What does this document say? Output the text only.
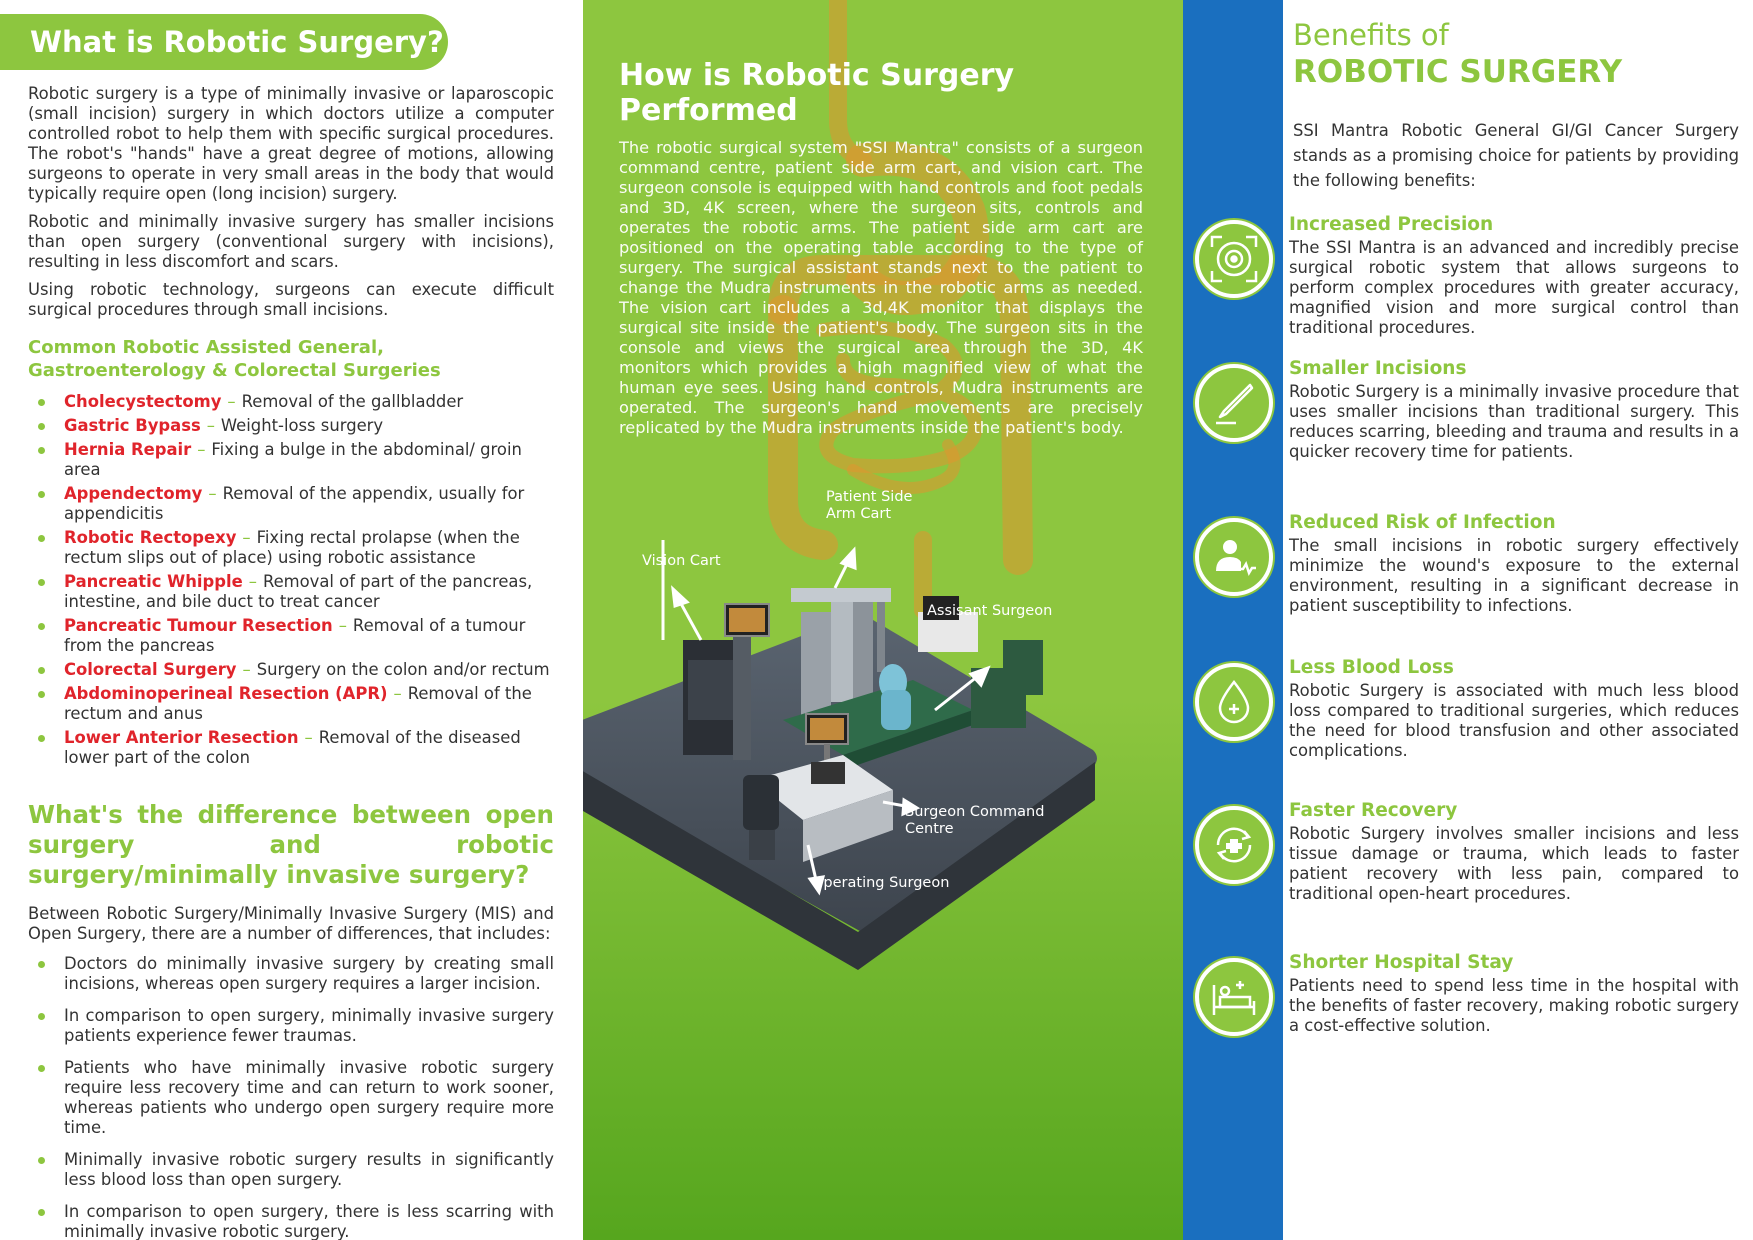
What is Robotic Surgery?

Robotic surgery is a type of minimally invasive or laparoscopic (small incision) surgery in which doctors utilize a computer controlled robot to help them with specific surgical procedures. The robot's "hands" have a great degree of motions, allowing surgeons to operate in very small areas in the body that would typically require open (long incision) surgery.

Robotic and minimally invasive surgery has smaller incisions than open surgery (conventional surgery with incisions), resulting in less discomfort and scars.

Using robotic technology, surgeons can execute difficult surgical procedures through small incisions.

Common Robotic Assisted General, Gastroenterology & Colorectal Surgeries
Cholecystectomy – Removal of the gallbladder
Gastric Bypass – Weight-loss surgery
Hernia Repair – Fixing a bulge in the abdominal/ groin area
Appendectomy – Removal of the appendix, usually for appendicitis
Robotic Rectopexy – Fixing rectal prolapse (when the rectum slips out of place) using robotic assistance
Pancreatic Whipple – Removal of part of the pancreas, intestine, and bile duct to treat cancer
Pancreatic Tumour Resection – Removal of a tumour from the pancreas
Colorectal Surgery – Surgery on the colon and/or rectum
Abdominoperineal Resection (APR) – Removal of the rectum and anus
Lower Anterior Resection – Removal of the diseased lower part of the colon
What's the difference between open surgery and robotic surgery/minimally invasive surgery?

Between Robotic Surgery/Minimally Invasive Surgery (MIS) and Open Surgery, there are a number of differences, that includes:

Doctors do minimally invasive surgery by creating small incisions, whereas open surgery requires a larger incision.
In comparison to open surgery, minimally invasive surgery patients experience fewer traumas.
Patients who have minimally invasive robotic surgery require less recovery time and can return to work sooner, whereas patients who undergo open surgery require more time.
Minimally invasive robotic surgery results in significantly less blood loss than open surgery.
In comparison to open surgery, there is less scarring with minimally invasive robotic surgery.
How is Robotic Surgery Performed
The robotic surgical system "SSI Mantra" consists of a surgeon command centre, patient side arm cart, and vision cart. The surgeon console is equipped with hand controls and foot pedals and 3D, 4K screen, where the surgeon sits, controls and operates the robotic arms. The patient side arm cart are positioned on the operating table according to the type of surgery. The surgical assistant stands next to the patient to change the Mudra instruments in the robotic arms as needed. The vision cart includes a 3d,4K monitor that displays the surgical site inside the patient's body. The surgeon sits in the console and views the surgical area through the 3D, 4K monitors which provides a high magnified view of what the human eye sees. Using hand controls, Mudra instruments are operated. The surgeon's hand movements are precisely replicated by the Mudra instruments inside the patient's body.
Patient Side
Arm Cart
Vision Cart
Assisant Surgeon
Surgeon Command
Centre
Operating Surgeon
Benefits of
ROBOTIC SURGERY
SSI Mantra Robotic General GI/GI Cancer Surgery stands as a promising choice for patients by providing the following benefits:
Increased Precision
The SSI Mantra is an advanced and incredibly precise surgical robotic system that allows surgeons to perform complex procedures with greater accuracy, magnified vision and more surgical control than traditional procedures.
Smaller Incisions
Robotic Surgery is a minimally invasive procedure that uses smaller incisions than traditional surgery. This reduces scarring, bleeding and trauma and results in a quicker recovery time for patients.
Reduced Risk of Infection
The small incisions in robotic surgery effectively minimize the wound's exposure to the external environment, resulting in a significant decrease in patient susceptibility to infections.
Less Blood Loss
Robotic Surgery is associated with much less blood loss compared to traditional surgeries, which reduces the need for blood transfusion and other associated complications.
Faster Recovery
Robotic Surgery involves smaller incisions and less tissue damage or trauma, which leads to faster patient recovery with less pain, compared to traditional open-heart procedures.
Shorter Hospital Stay
Patients need to spend less time in the hospital with the benefits of faster recovery, making robotic surgery a cost-effective solution.
